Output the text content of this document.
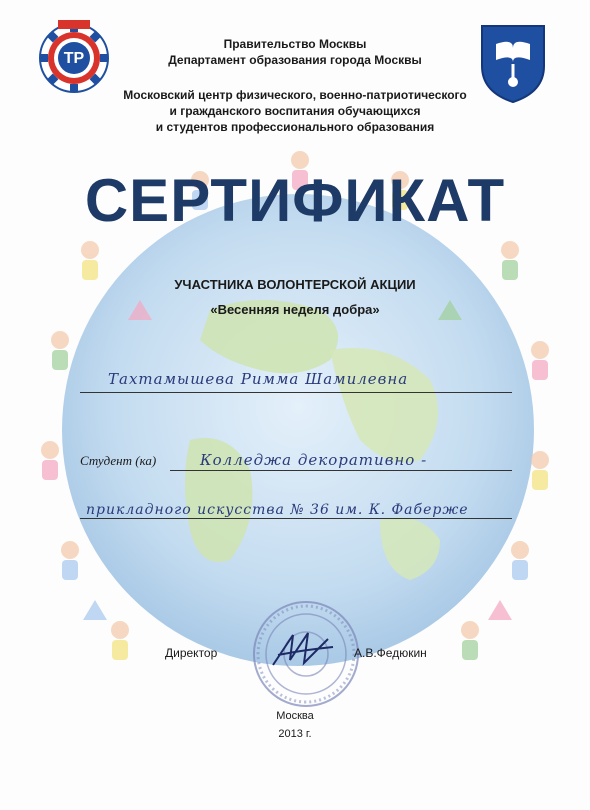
ТР
Правительство Москвы
Департамент образования города Москвы
Московский центр физического, военно-патриотического
и гражданского воспитания обучающихся
и студентов профессионального образования
СЕРТИФИКАТ
УЧАСТНИКА ВОЛОНТЕРСКОЙ АКЦИИ
«Весенняя неделя добра»
Тахтамышева Римма Шамилевна
Студент (ка)	Колледжа декоративно -
прикладного искусства № 36 им. К. Фаберже
Директор	А.В.Федюкин
Москва
2013 г.
